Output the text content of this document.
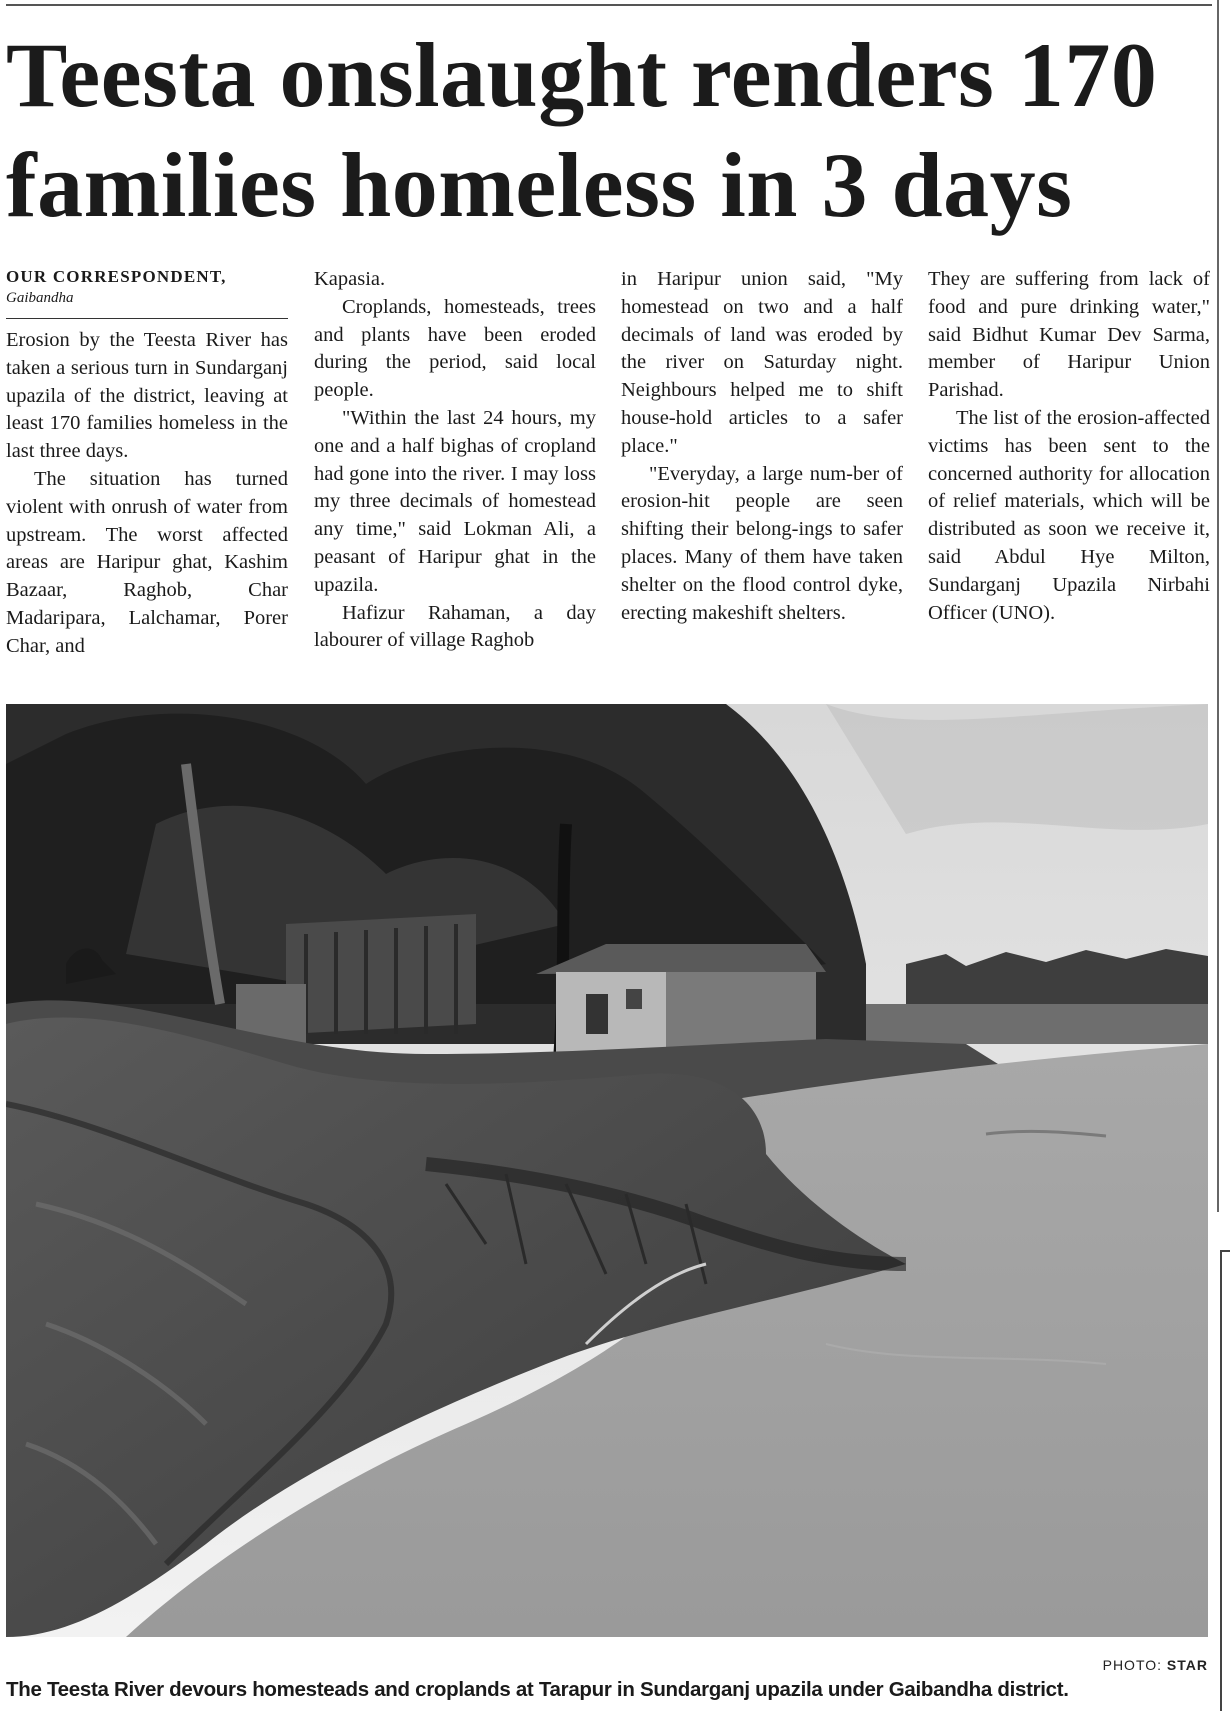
Teesta onslaught renders 170 families homeless in 3 days
OUR CORRESPONDENT,
Gaibandha

Erosion by the Teesta River has taken a serious turn in Sundarganj upazila of the district, leaving at least 170 families homeless in the last three days.

The situation has turned violent with onrush of water from upstream. The worst affected areas are Haripur ghat, Kashim Bazaar, Raghob, Char Madaripara, Lalchamar, Porer Char, and

Kapasia.

Croplands, homesteads, trees and plants have been eroded during the period, said local people.

"Within the last 24 hours, my one and a half bighas of cropland had gone into the river. I may loss my three decimals of homestead any time," said Lokman Ali, a peasant of Haripur ghat in the upazila.

Hafizur Rahaman, a day labourer of village Raghob

in Haripur union said, "My homestead on two and a half decimals of land was eroded by the river on Saturday night. Neighbours helped me to shift house-hold articles to a safer place."

"Everyday, a large num-ber of erosion-hit people are seen shifting their belong-ings to safer places. Many of them have taken shelter on the flood control dyke, erecting makeshift shelters.

They are suffering from lack of food and pure drinking water," said Bidhut Kumar Dev Sarma, member of Haripur Union Parishad.

The list of the erosion-affected victims has been sent to the concerned authority for allocation of relief materials, which will be distributed as soon we receive it, said Abdul Hye Milton, Sundarganj Upazila Nirbahi Officer (UNO).

PHOTO: STAR

The Teesta River devours homesteads and croplands at Tarapur in Sundarganj upazila under Gaibandha district.
